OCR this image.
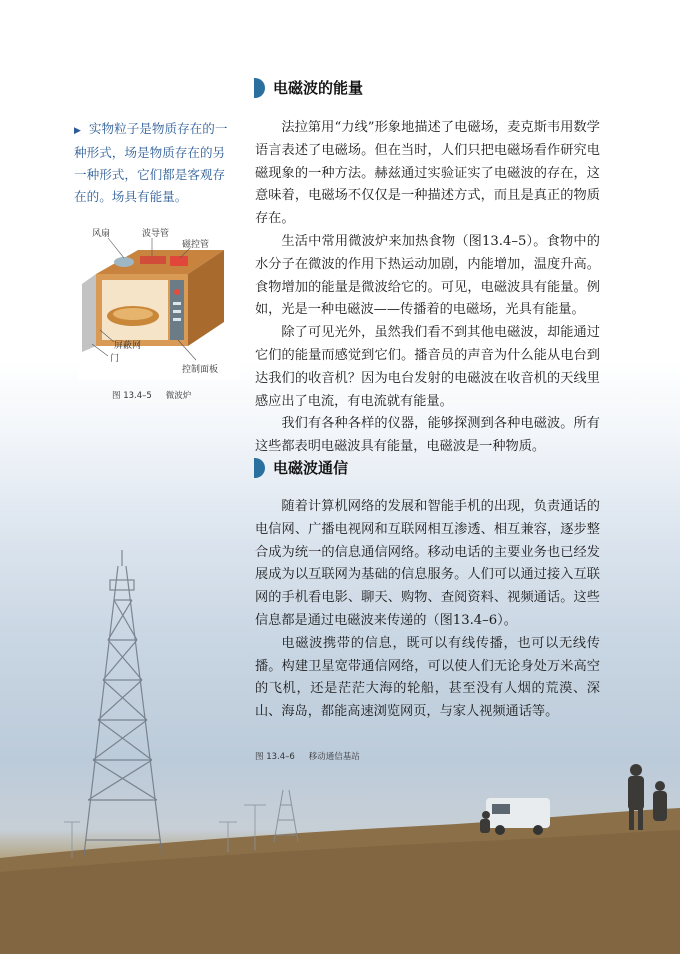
▶ 实物粒子是物质存在的一种形式，场是物质存在的另一种形式，它们都是客观存在的。场具有能量。
风扇	波导管
磁控管
屏蔽网
门
控制面板
图 13.4–5 微波炉
电磁波的能量

法拉第用“力线”形象地描述了电磁场，麦克斯韦用数学语言表述了电磁场。但在当时，人们只把电磁场看作研究电磁现象的一种方法。赫兹通过实验证实了电磁波的存在，这意味着，电磁场不仅仅是一种描述方式，而且是真正的物质存在。

生活中常用微波炉来加热食物（图13.4–5）。食物中的水分子在微波的作用下热运动加剧，内能增加，温度升高。食物增加的能量是微波给它的。可见，电磁波具有能量。例如，光是一种电磁波——传播着的电磁场，光具有能量。

除了可见光外，虽然我们看不到其他电磁波，却能通过它们的能量而感觉到它们。播音员的声音为什么能从电台到达我们的收音机？因为电台发射的电磁波在收音机的天线里感应出了电流，有电流就有能量。

我们有各种各样的仪器，能够探测到各种电磁波。所有这些都表明电磁波具有能量，电磁波是一种物质。

电磁波通信

随着计算机网络的发展和智能手机的出现，负责通话的电信网、广播电视网和互联网相互渗透、相互兼容，逐步整合成为统一的信息通信网络。移动电话的主要业务也已经发展成为以互联网为基础的信息服务。人们可以通过接入互联网的手机看电影、聊天、购物、查阅资料、视频通话。这些信息都是通过电磁波来传递的（图13.4–6）。

电磁波携带的信息，既可以有线传播，也可以无线传播。构建卫星宽带通信网络，可以使人们无论身处万米高空的飞机，还是茫茫大海的轮船，甚至没有人烟的荒漠、深山、海岛，都能高速浏览网页，与家人视频通话等。

图 13.4–6 移动通信基站
